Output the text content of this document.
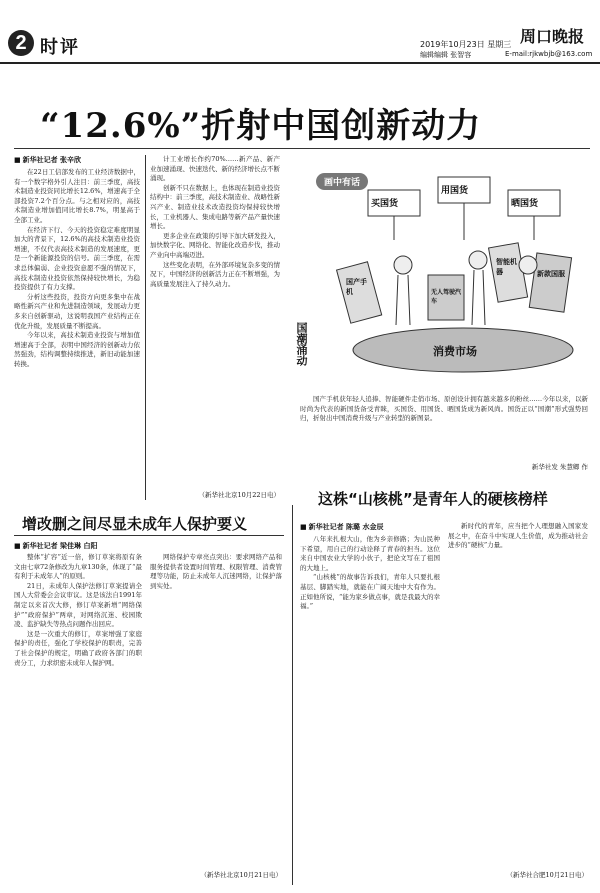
2 时评
周口晚报
2019年10月23日 星期三
编辑编辑 张智容	E-mail:rjkwbjb@163.com
“12.6%”折射中国创新动力
■ 新华社记者 张辛欣

在22日工信部发布的工业经济数据中，有一个数字格外引人注目：前三季度，高技术制造业投资同比增长12.6%，增速高于全部投资7.2个百分点。与之相对应的，高技术制造业增加值同比增长8.7%，明显高于全部工业。

在经济下行、今天的投资稳定难度明显加大的背景下，12.6%的高技术制造业投资增速，不仅代表高技术制造的发展速度，更是一个新能源投资的信号。前三季度，在需求总体偏弱、企业投资意愿不强的情况下，高技术制造业投资依然保持较快增长，为稳投资提供了有力支撑。

分析这些投资，投资方向更多集中在战略性新兴产业和先进制造领域，发展动力更多来自创新驱动，这说明我国产业结构正在优化升级，发展质量不断提高。

今年以来，高技术制造业投资与增加值增速高于全部，表明中国经济的创新动力依然强劲，结构调整持续推进，新旧动能加速转换。

计工业增长作约70%……新产品、新产业加速涌现、快速迭代、新的经济增长点不断涌现。

创新不只在数据上，也体现在制造业投资结构中：前三季度，高技术制造业、战略性新兴产业、制造业技术改造投资均保持较快增长，工业机器人、集成电路等新产品产量快速增长。

更多企业在政策的引导下加大研发投入，加快数字化、网络化、智能化改造步伐，推动产业向中高端迈进。

这些变化表明，在外部环境复杂多变的情况下，中国经济的创新活力正在不断增强，为高质量发展注入了持久动力。

（新华社北京10月22日电）
画中有话
买国货
用国货
晒国货
国产手机	无人驾驶汽车
智能机器	新款国服
消费市场
国潮涌动

国产手机获年轻人追捧、智能硬件走俏市场、原创设计拥有越来越多的粉丝……今年以来，以新时尚为代表的新国货备受青睐，买国货、用国货、晒国货成为新风尚。国货正以“国潮”形式强势回归，折射出中国消费升级与产业转型的新图景。

新华社发 朱慧卿 作
这株“山核桃”是青年人的硬核榜样
增改删之间尽显未成年人保护要义
■ 新华社记者 梁佳琳 白阳

整体“扩容”近一倍，修订草案将原有条文由七章72条修改为九章130条，体现了“最有利于未成年人”的原则。

21日，未成年人保护法修订草案提请全国人大常委会会议审议。这是该法自1991年制定以来首次大修，修订草案新增“网络保护”“政府保护”两章，对网络沉迷、校园欺凌、监护缺失等热点问题作出回应。

这是一次重大的修订，草案增强了家庭保护的责任，强化了学校保护的职责，完善了社会保护的规定，明确了政府各部门的职责分工，力求织密未成年人保护网。

网络保护专章亮点突出：要求网络产品和服务提供者设置时间管理、权限管理、消费管理等功能，防止未成年人沉迷网络，让保护落到实处。

（新华社北京10月21日电）
■ 新华社记者 陈璐 水金辰

八年来扎根大山，他为乡亲修路；为山民种下希望，用自己的行动诠释了青春的担当。这位来自中国农业大学的小伙子，把论文写在了祖国的大地上。

“山核桃”的故事告诉我们，青年人只要扎根基层、脚踏实地，就能在广阔天地中大有作为。正如他所说，“能为家乡做点事，就是我最大的幸福。”

新时代的青年，应当把个人理想融入国家发展之中，在奋斗中实现人生价值，成为推动社会进步的“硬核”力量。

（新华社合肥10月21日电）
